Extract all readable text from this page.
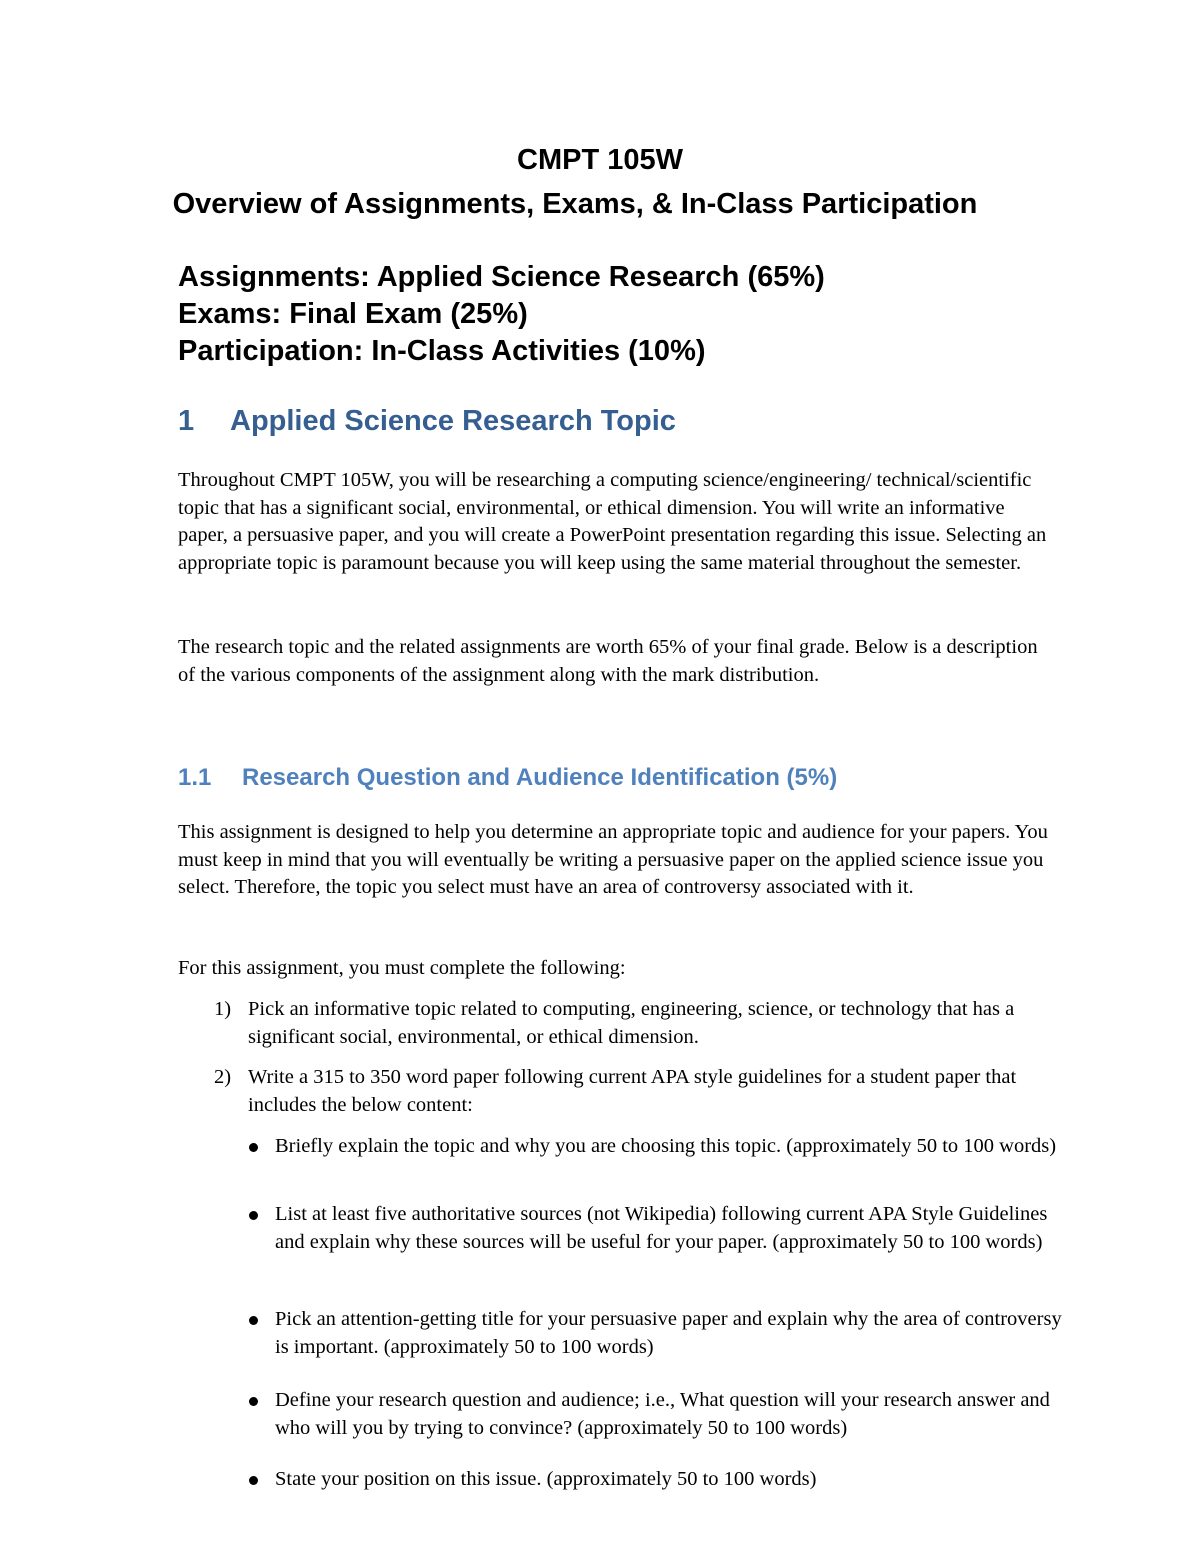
CMPT 105W
Overview of Assignments, Exams, & In-Class Participation
Assignments: Applied Science Research (65%)
Exams: Final Exam (25%)
Participation: In-Class Activities (10%)
1 Applied Science Research Topic

Throughout CMPT 105W, you will be researching a computing science/engineering/ technical/scientific topic that has a significant social, environmental, or ethical dimension. You will write an informative paper, a persuasive paper, and you will create a PowerPoint presentation regarding this issue. Selecting an appropriate topic is paramount because you will keep using the same material throughout the semester.

The research topic and the related assignments are worth 65% of your final grade. Below is a description of the various components of the assignment along with the mark distribution.

1.1 Research Question and Audience Identification (5%)

This assignment is designed to help you determine an appropriate topic and audience for your papers. You must keep in mind that you will eventually be writing a persuasive paper on the applied science issue you select. Therefore, the topic you select must have an area of controversy associated with it.

For this assignment, you must complete the following:

1) Pick an informative topic related to computing, engineering, science, or technology that has a significant social, environmental, or ethical dimension.
2) Write a 315 to 350 word paper following current APA style guidelines for a student paper that includes the below content:
Briefly explain the topic and why you are choosing this topic. (approximately 50 to 100 words)
List at least five authoritative sources (not Wikipedia) following current APA Style Guidelines and explain why these sources will be useful for your paper. (approximately 50 to 100 words)
Pick an attention-getting title for your persuasive paper and explain why the area of controversy is important. (approximately 50 to 100 words)
Define your research question and audience; i.e., What question will your research answer and who will you by trying to convince? (approximately 50 to 100 words)
State your position on this issue. (approximately 50 to 100 words)
